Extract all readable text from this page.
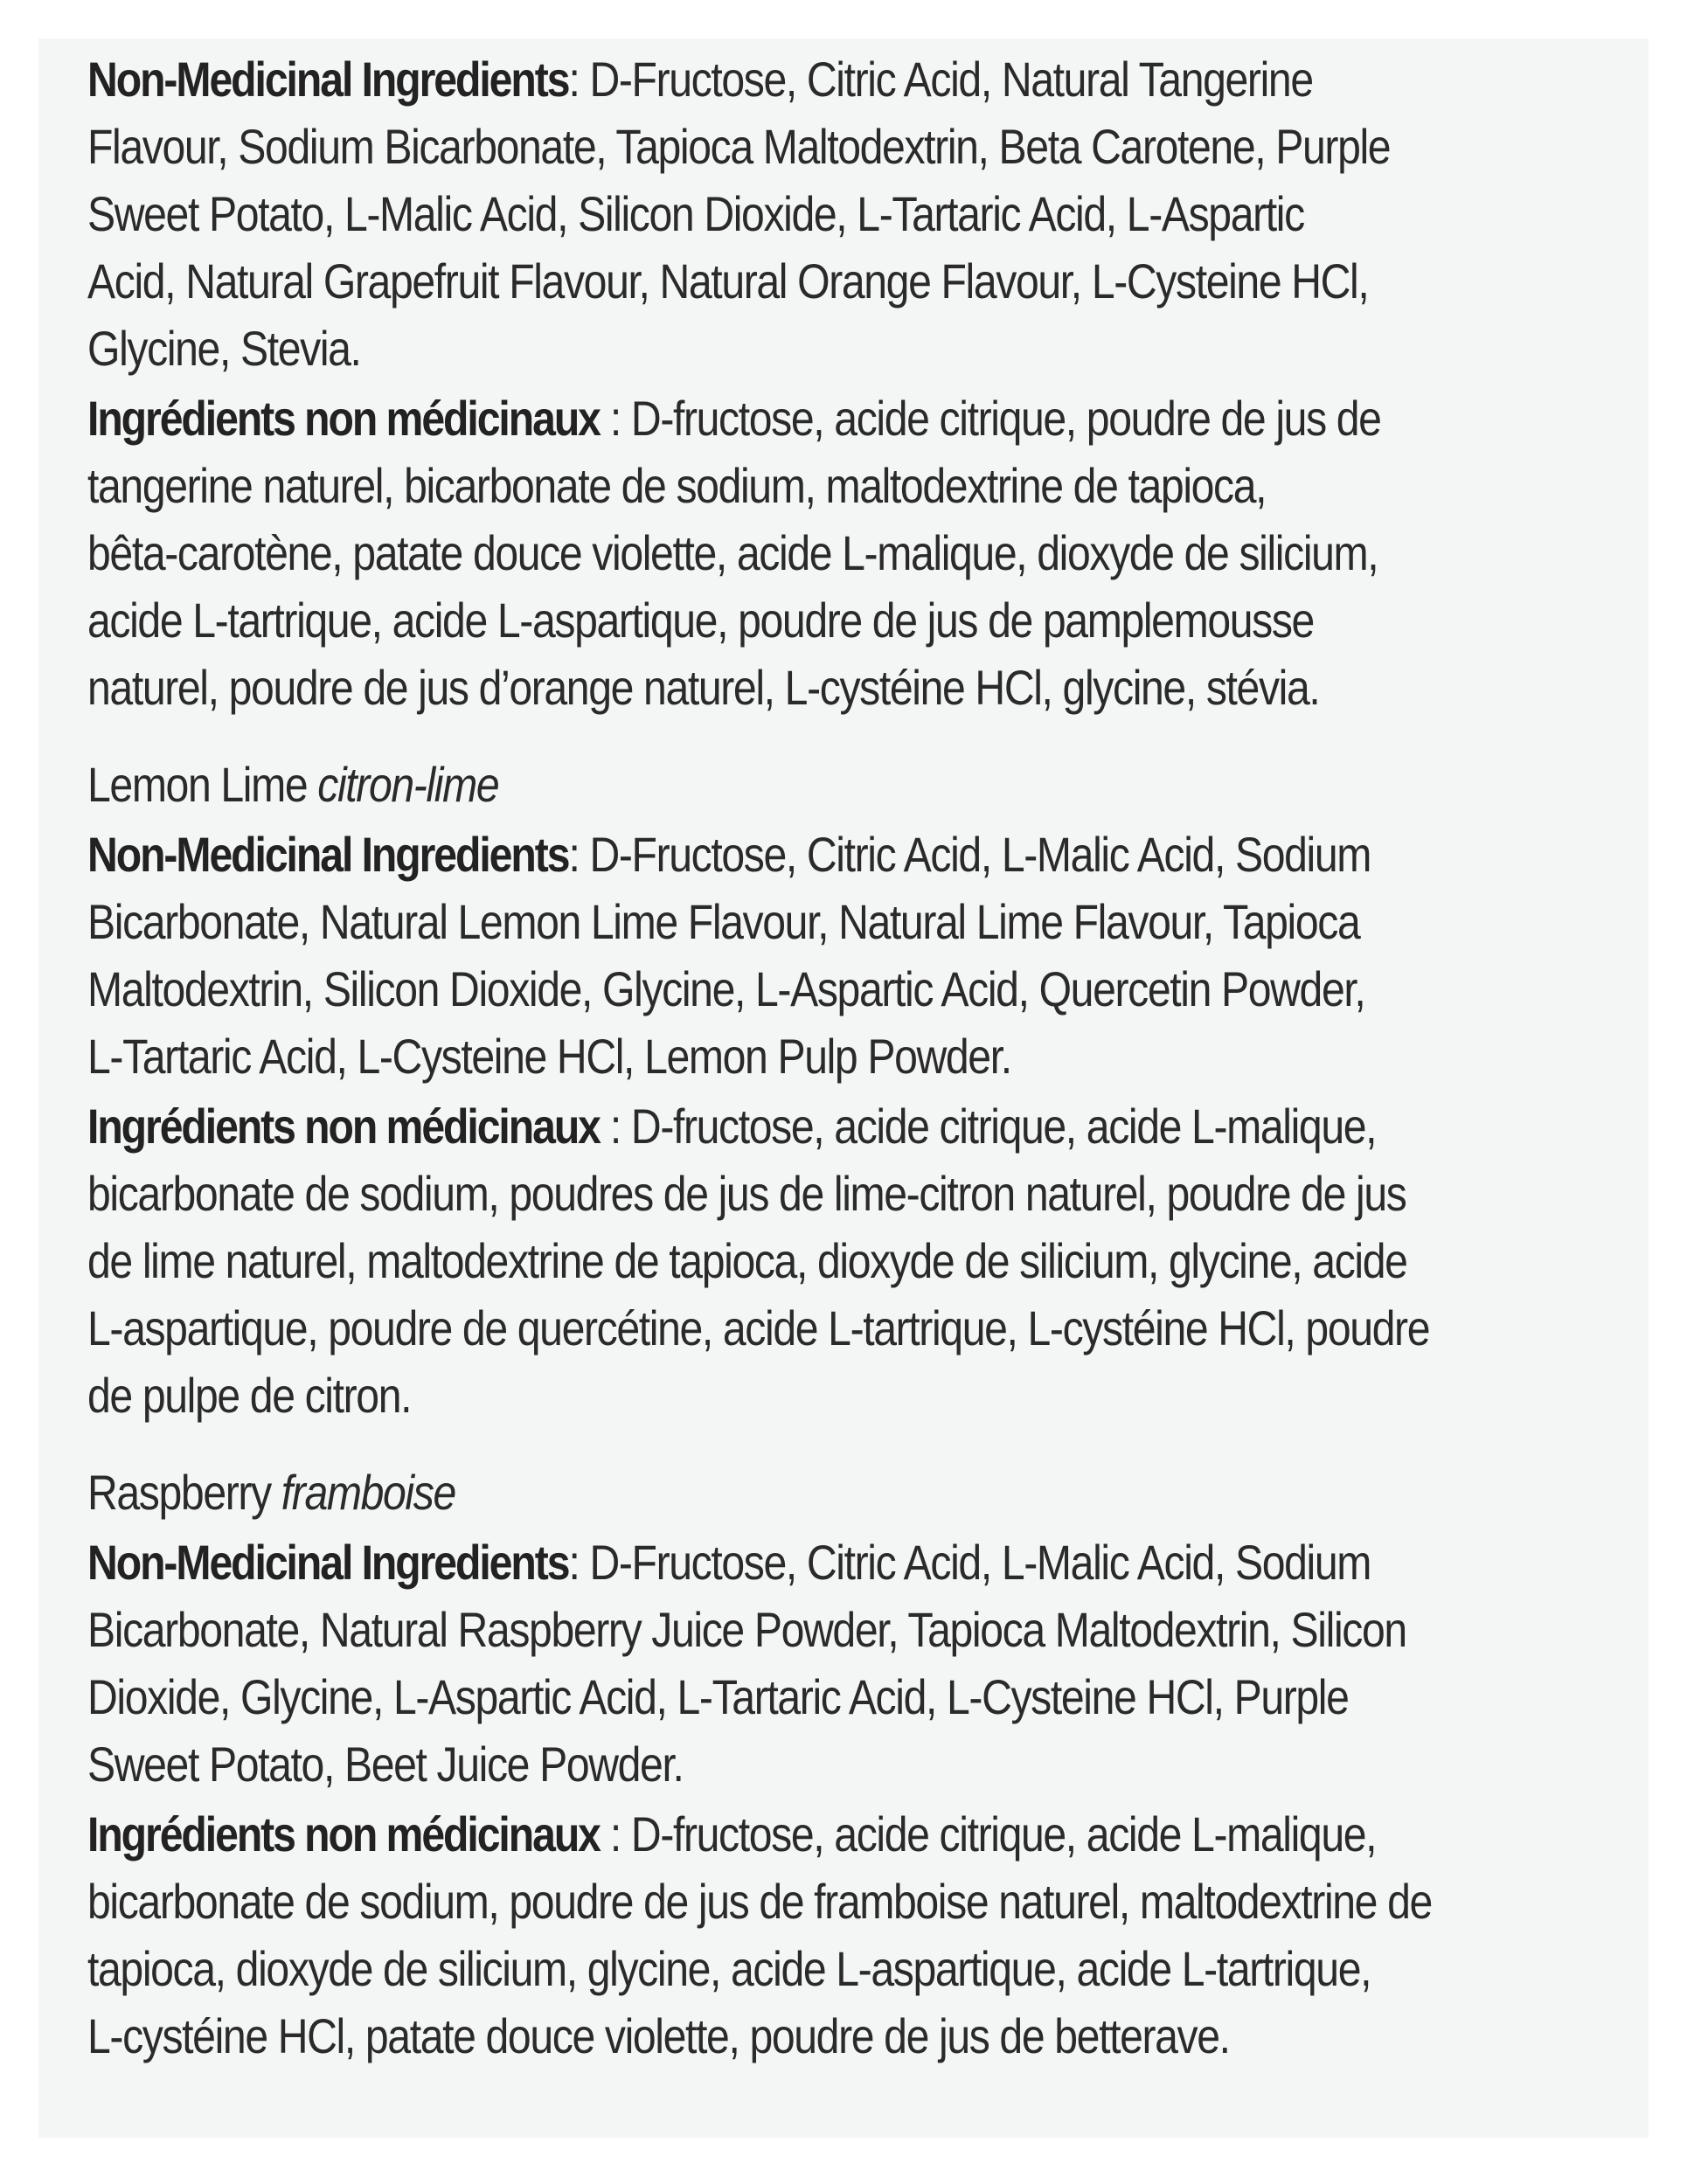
Non-Medicinal Ingredients: D-Fructose, Citric Acid, Natural Tangerine
Flavour, Sodium Bicarbonate, Tapioca Maltodextrin, Beta Carotene, Purple
Sweet Potato, L-Malic Acid, Silicon Dioxide, L-Tartaric Acid, L-Aspartic
Acid, Natural Grapefruit Flavour, Natural Orange Flavour, L-Cysteine HCl,
Glycine, Stevia.

Ingrédients non médicinaux : D-fructose, acide citrique, poudre de jus de
tangerine naturel, bicarbonate de sodium, maltodextrine de tapioca,
bêta-carotène, patate douce violette, acide L-malique, dioxyde de silicium,
acide L-tartrique, acide L-aspartique, poudre de jus de pamplemousse
naturel, poudre de jus d’orange naturel, L-cystéine HCl, glycine, stévia.

Lemon Lime citron-lime

Non-Medicinal Ingredients: D-Fructose, Citric Acid, L-Malic Acid, Sodium
Bicarbonate, Natural Lemon Lime Flavour, Natural Lime Flavour, Tapioca
Maltodextrin, Silicon Dioxide, Glycine, L-Aspartic Acid, Quercetin Powder,
L-Tartaric Acid, L-Cysteine HCl, Lemon Pulp Powder.

Ingrédients non médicinaux : D-fructose, acide citrique, acide L-malique,
bicarbonate de sodium, poudres de jus de lime-citron naturel, poudre de jus
de lime naturel, maltodextrine de tapioca, dioxyde de silicium, glycine, acide
L-aspartique, poudre de quercétine, acide L-tartrique, L-cystéine HCl, poudre
de pulpe de citron.

Raspberry framboise

Non-Medicinal Ingredients: D-Fructose, Citric Acid, L-Malic Acid, Sodium
Bicarbonate, Natural Raspberry Juice Powder, Tapioca Maltodextrin, Silicon
Dioxide, Glycine, L-Aspartic Acid, L-Tartaric Acid, L-Cysteine HCl, Purple
Sweet Potato, Beet Juice Powder.

Ingrédients non médicinaux : D-fructose, acide citrique, acide L-malique,
bicarbonate de sodium, poudre de jus de framboise naturel, maltodextrine de
tapioca, dioxyde de silicium, glycine, acide L-aspartique, acide L-tartrique,
L-cystéine HCl, patate douce violette, poudre de jus de betterave.
